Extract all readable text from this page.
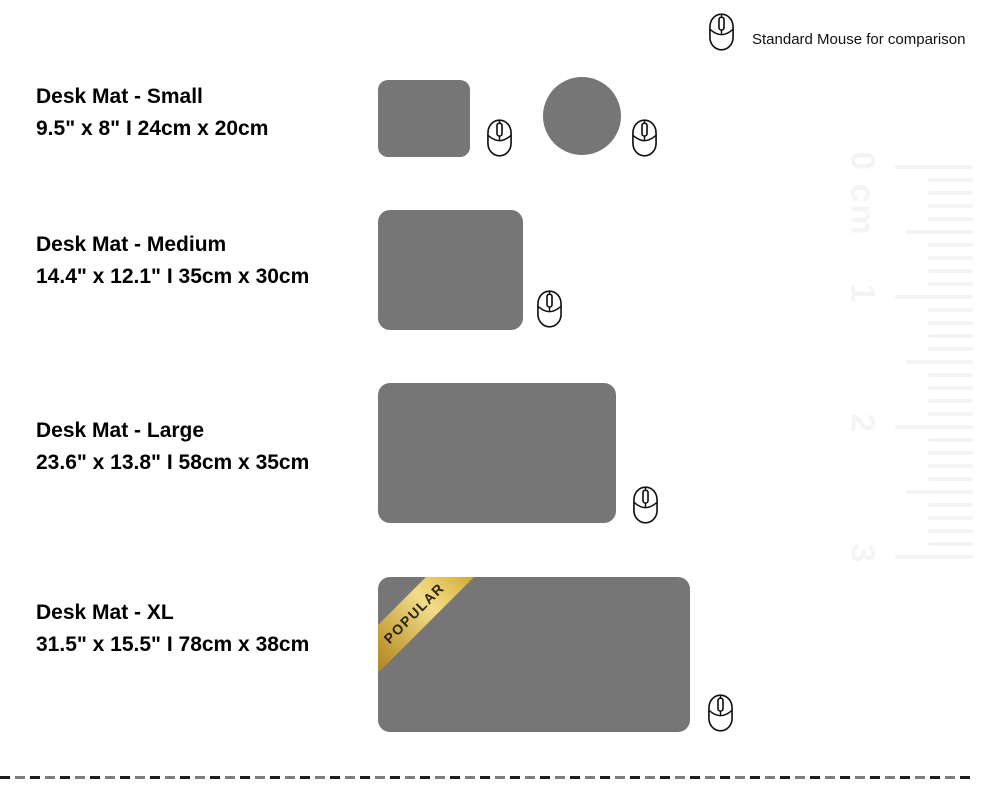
Standard Mouse for comparison
Desk Mat - Small
9.5" x 8" I 24cm x 20cm
Desk Mat - Medium
14.4" x 12.1" I 35cm x 30cm
Desk Mat - Large
23.6" x 13.8" I 58cm x 35cm
Desk Mat - XL
31.5" x 15.5" I 78cm x 38cm	POPULAR
0 cm
1
2
3
